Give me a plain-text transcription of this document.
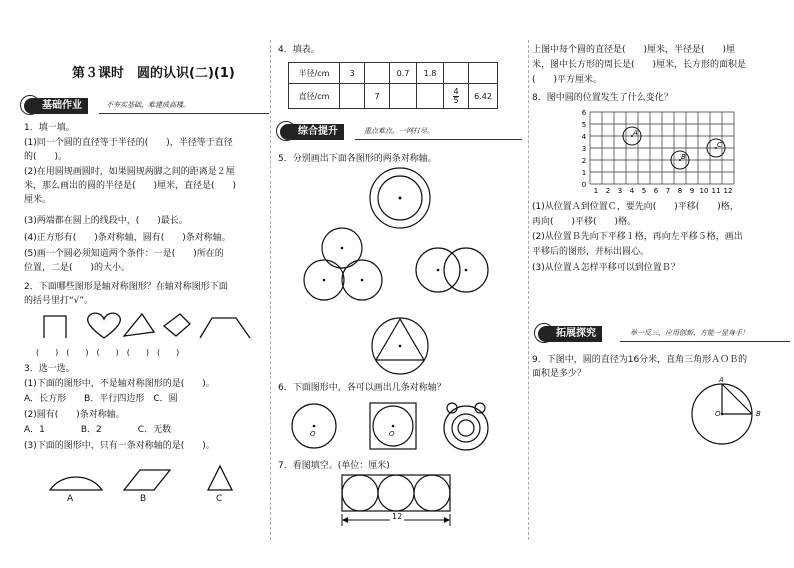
第３课时　圆的认识(二)(1)
基础作业	不夯实基础，难建成高楼。
1．填一填。
(1)同一个圆的直径等于半径的(　　)，半径等于直径
的(　　)。
(2)在用圆规画圆时，如果圆规两脚之间的距离是２厘
米，那么画出的圆的半径是(　　)厘米，直径是(　　)
厘米。
(3)两端都在圆上的线段中，(　　)最长。
(4)正方形有(　　)条对称轴，圆有(　　)条对称轴。
(5)画一个圆必须知道两个条件：一是(　　)所在的
位置，二是(　　)的大小。
2．下面哪些图形是轴对称图形？在轴对称图形下面
的括号里打“√”。
(　　)　(　　)　(　　)　(　　)　(　　)
3．选一选。
(1)下面的图形中，不是轴对称图形的是(　　)。
A．长方形　　B．平行四边形　C．圆
(2)圆有(　　)条对称轴。
A．1　　　　B．2　　　　C．无数
(3)下面的图形中，只有一条对称轴的是(　　)。
A	B	C
4．填表。
半径/cm	3		0.7	1.8		
直径/cm		7			$\frac{4}{5}$	6.42
综合提升	重点难点，一网打尽。
5．分别画出下面各图形的两条对称轴。
6．下面图形中，各可以画出几条对称轴？
O	O
7．看图填空。(单位：厘米)
12
上图中每个圆的直径是(　　)厘米，半径是(　　)厘
米，图中长方形的周长是(　　)厘米，长方形的面积是
(　　)平方厘米。
8．图中圆的位置发生了什么变化？
6
5
4
3
2
1
0
1 2 3 4 5 6 7 8 9 10 11 12
A
B
C
(1)从位置Ａ到位置Ｃ，要先向(　　)平移(　　)格，
再向(　　)平移(　　)格。
(2)从位置Ｂ先向下平移１格，再向左平移５格，画出
平移后的图形，并标出圆心。
(3)从位置Ａ怎样平移可以到位置Ｂ？
拓展探究	举一反三，应用创新，方能一显身手！
9．下图中，圆的直径为16分米，直角三角形ＡＯＢ的
面积是多少？
A
O	B
